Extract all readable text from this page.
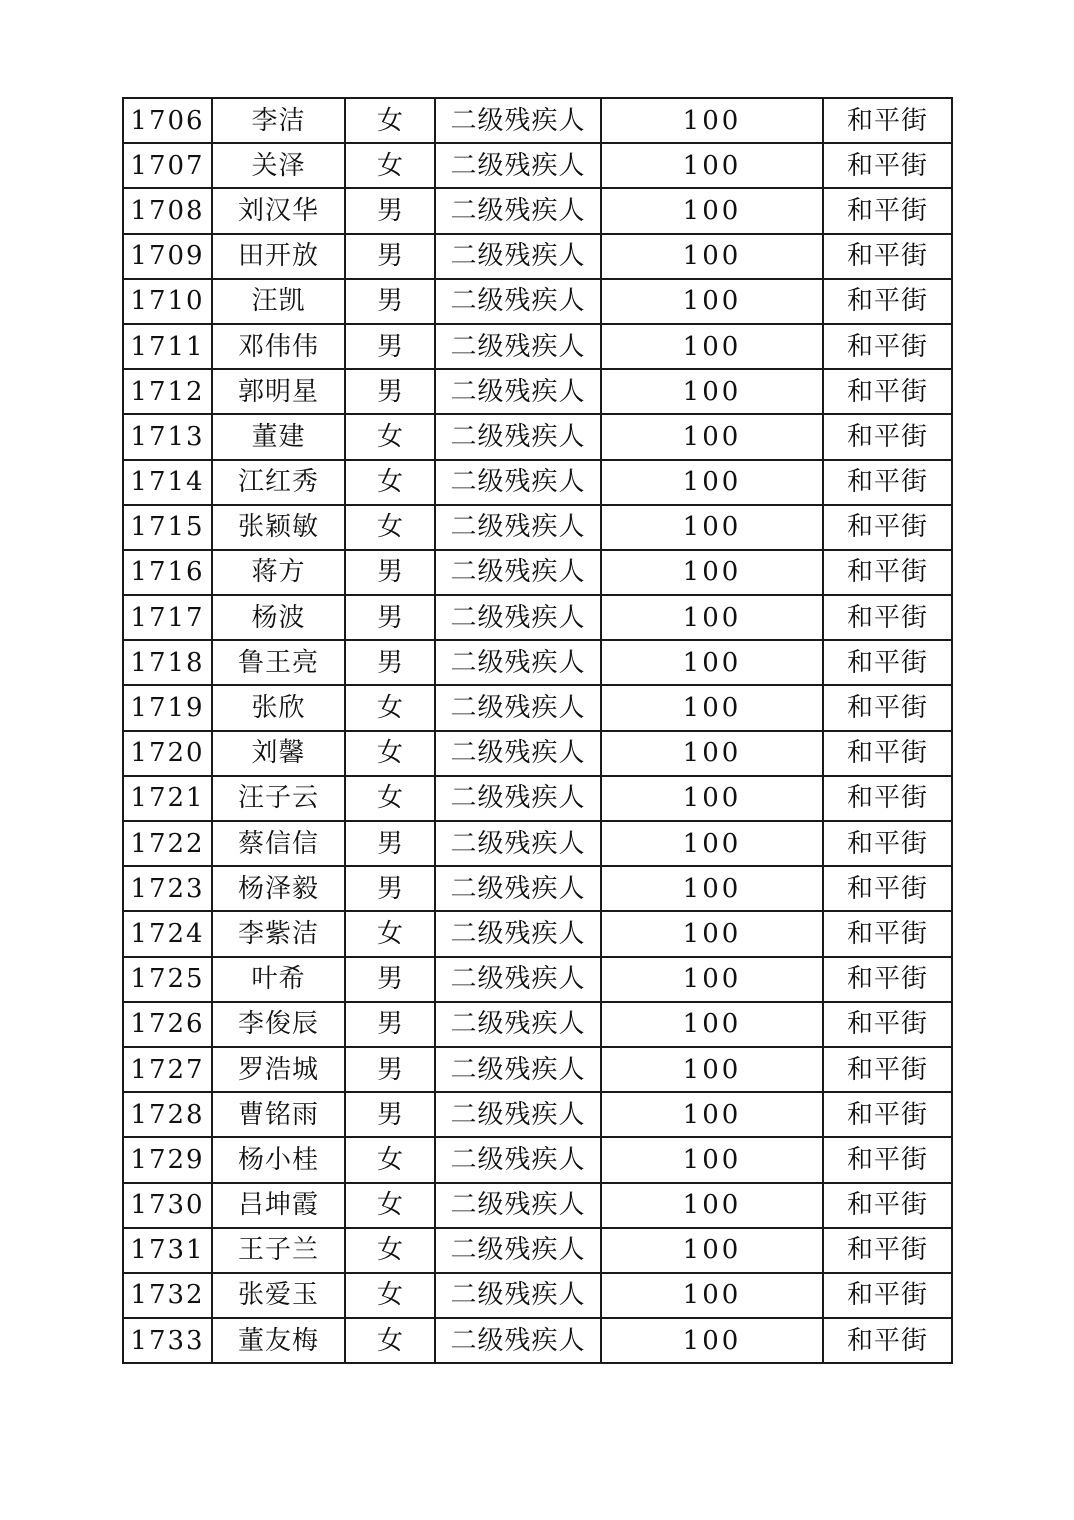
1706	李洁	女	二级残疾人	100	和平街
1707	关泽	女	二级残疾人	100	和平街
1708	刘汉华	男	二级残疾人	100	和平街
1709	田开放	男	二级残疾人	100	和平街
1710	汪凯	男	二级残疾人	100	和平街
1711	邓伟伟	男	二级残疾人	100	和平街
1712	郭明星	男	二级残疾人	100	和平街
1713	董建	女	二级残疾人	100	和平街
1714	江红秀	女	二级残疾人	100	和平街
1715	张颖敏	女	二级残疾人	100	和平街
1716	蒋方	男	二级残疾人	100	和平街
1717	杨波	男	二级残疾人	100	和平街
1718	鲁王亮	男	二级残疾人	100	和平街
1719	张欣	女	二级残疾人	100	和平街
1720	刘馨	女	二级残疾人	100	和平街
1721	汪子云	女	二级残疾人	100	和平街
1722	蔡信信	男	二级残疾人	100	和平街
1723	杨泽毅	男	二级残疾人	100	和平街
1724	李紫洁	女	二级残疾人	100	和平街
1725	叶希	男	二级残疾人	100	和平街
1726	李俊辰	男	二级残疾人	100	和平街
1727	罗浩城	男	二级残疾人	100	和平街
1728	曹铭雨	男	二级残疾人	100	和平街
1729	杨小桂	女	二级残疾人	100	和平街
1730	吕坤霞	女	二级残疾人	100	和平街
1731	王子兰	女	二级残疾人	100	和平街
1732	张爱玉	女	二级残疾人	100	和平街
1733	董友梅	女	二级残疾人	100	和平街
